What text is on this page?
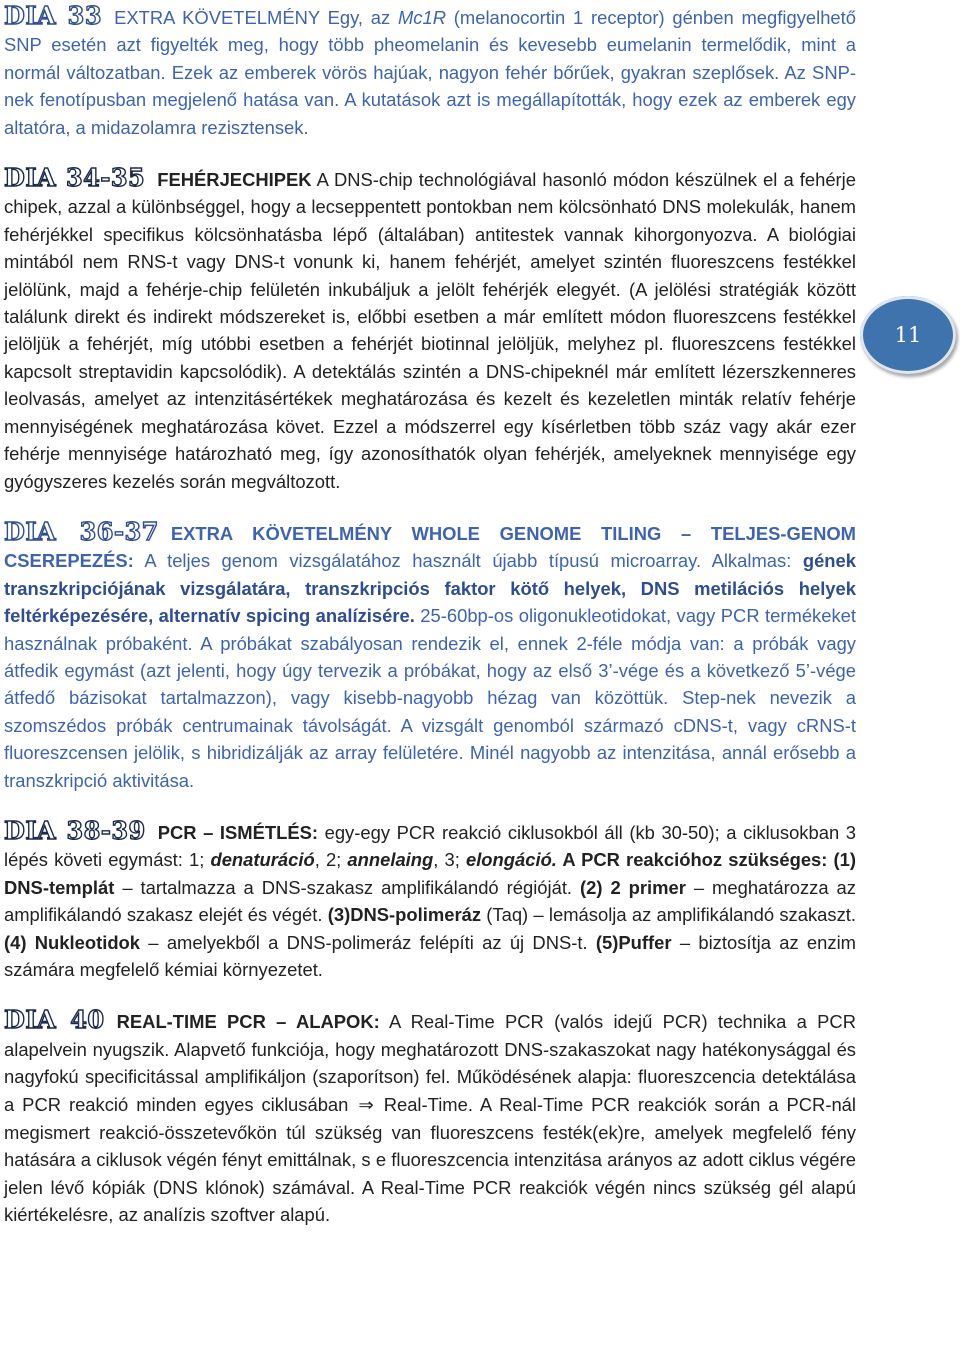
DIA 33 EXTRA KÖVETELMÉNY Egy, az Mc1R (melanocortin 1 receptor) génben megfigyelhető SNP esetén azt figyelték meg, hogy több pheomelanin és kevesebb eumelanin termelődik, mint a normál változatban. Ezek az emberek vörös hajúak, nagyon fehér bőrűek, gyakran szeplősek. Az SNP-nek fenotípusban megjelenő hatása van. A kutatások azt is megállapították, hogy ezek az emberek egy altatóra, a midazolamra rezisztensek.

DIA 34-35 FEHÉRJECHIPEK A DNS-chip technológiával hasonló módon készülnek el a fehérje chipek, azzal a különbséggel, hogy a lecseppentett pontokban nem kölcsönható DNS molekulák, hanem fehérjékkel specifikus kölcsönhatásba lépő (általában) antitestek vannak kihorgonyozva. A biológiai mintából nem RNS-t vagy DNS-t vonunk ki, hanem fehérjét, amelyet szintén fluoreszcens festékkel jelölünk, majd a fehérje-chip felületén inkubáljuk a jelölt fehérjék elegyét. (A jelölési stratégiák között találunk direkt és indirekt módszereket is, előbbi esetben a már említett módon fluoreszcens festékkel jelöljük a fehérjét, míg utóbbi esetben a fehérjét biotinnal jelöljük, melyhez pl. fluoreszcens festékkel kapcsolt streptavidin kapcsolódik). A detektálás szintén a DNS-chipeknél már említett lézerszkenneres leolvasás, amelyet az intenzitásértékek meghatározása és kezelt és kezeletlen minták relatív fehérje mennyiségének meghatározása követ. Ezzel a módszerrel egy kísérletben több száz vagy akár ezer fehérje mennyisége határozható meg, így azonosíthatók olyan fehérjék, amelyeknek mennyisége egy gyógyszeres kezelés során megváltozott.

DIA 36-37 EXTRA KÖVETELMÉNY WHOLE GENOME TILING – TELJES-GENOM CSEREPEZÉS: A teljes genom vizsgálatához használt újabb típusú microarray. Alkalmas: gének transzkripciójának vizsgálatára, transzkripciós faktor kötő helyek, DNS metilációs helyek feltérképezésére, alternatív spicing analízisére. 25-60bp-os oligonukleotidokat, vagy PCR termékeket használnak próbaként. A próbákat szabályosan rendezik el, ennek 2-féle módja van: a próbák vagy átfedik egymást (azt jelenti, hogy úgy tervezik a próbákat, hogy az első 3’-vége és a következő 5’-vége átfedő bázisokat tartalmazzon), vagy kisebb-nagyobb hézag van közöttük. Step-nek nevezik a szomszédos próbák centrumainak távolságát. A vizsgált genomból származó cDNS-t, vagy cRNS-t fluoreszcensen jelölik, s hibridizálják az array felületére. Minél nagyobb az intenzitása, annál erősebb a transzkripció aktivitása.

DIA 38-39 PCR – ISMÉTLÉS: egy-egy PCR reakció ciklusokból áll (kb 30-50); a ciklusokban 3 lépés követi egymást: 1; denaturáció, 2; annelaing, 3; elongáció. A PCR reakcióhoz szükséges: (1) DNS-templát – tartalmazza a DNS-szakasz amplifikálandó régióját. (2) 2 primer – meghatározza az amplifikálandó szakasz elejét és végét. (3)DNS-polimeráz (Taq) – lemásolja az amplifikálandó szakaszt. (4) Nukleotidok – amelyekből a DNS-polimeráz felépíti az új DNS-t. (5)Puffer – biztosítja az enzim számára megfelelő kémiai környezetet.

DIA 40 REAL-TIME PCR – ALAPOK: A Real-Time PCR (valós idejű PCR) technika a PCR alapelvein nyugszik. Alapvető funkciója, hogy meghatározott DNS-szakaszokat nagy hatékonysággal és nagyfokú specificitással amplifikáljon (szaporítson) fel. Működésének alapja: fluoreszcencia detektálása a PCR reakció minden egyes ciklusában ⇒ Real-Time. A Real-Time PCR reakciók során a PCR-nál megismert reakció-összetevőkön túl szükség van fluoreszcens festék(ek)re, amelyek megfelelő fény hatására a ciklusok végén fényt emittálnak, s e fluoreszcencia intenzitása arányos az adott ciklus végére jelen lévő kópiák (DNS klónok) számával. A Real-Time PCR reakciók végén nincs szükség gél alapú kiértékelésre, az analízis szoftver alapú.

11
